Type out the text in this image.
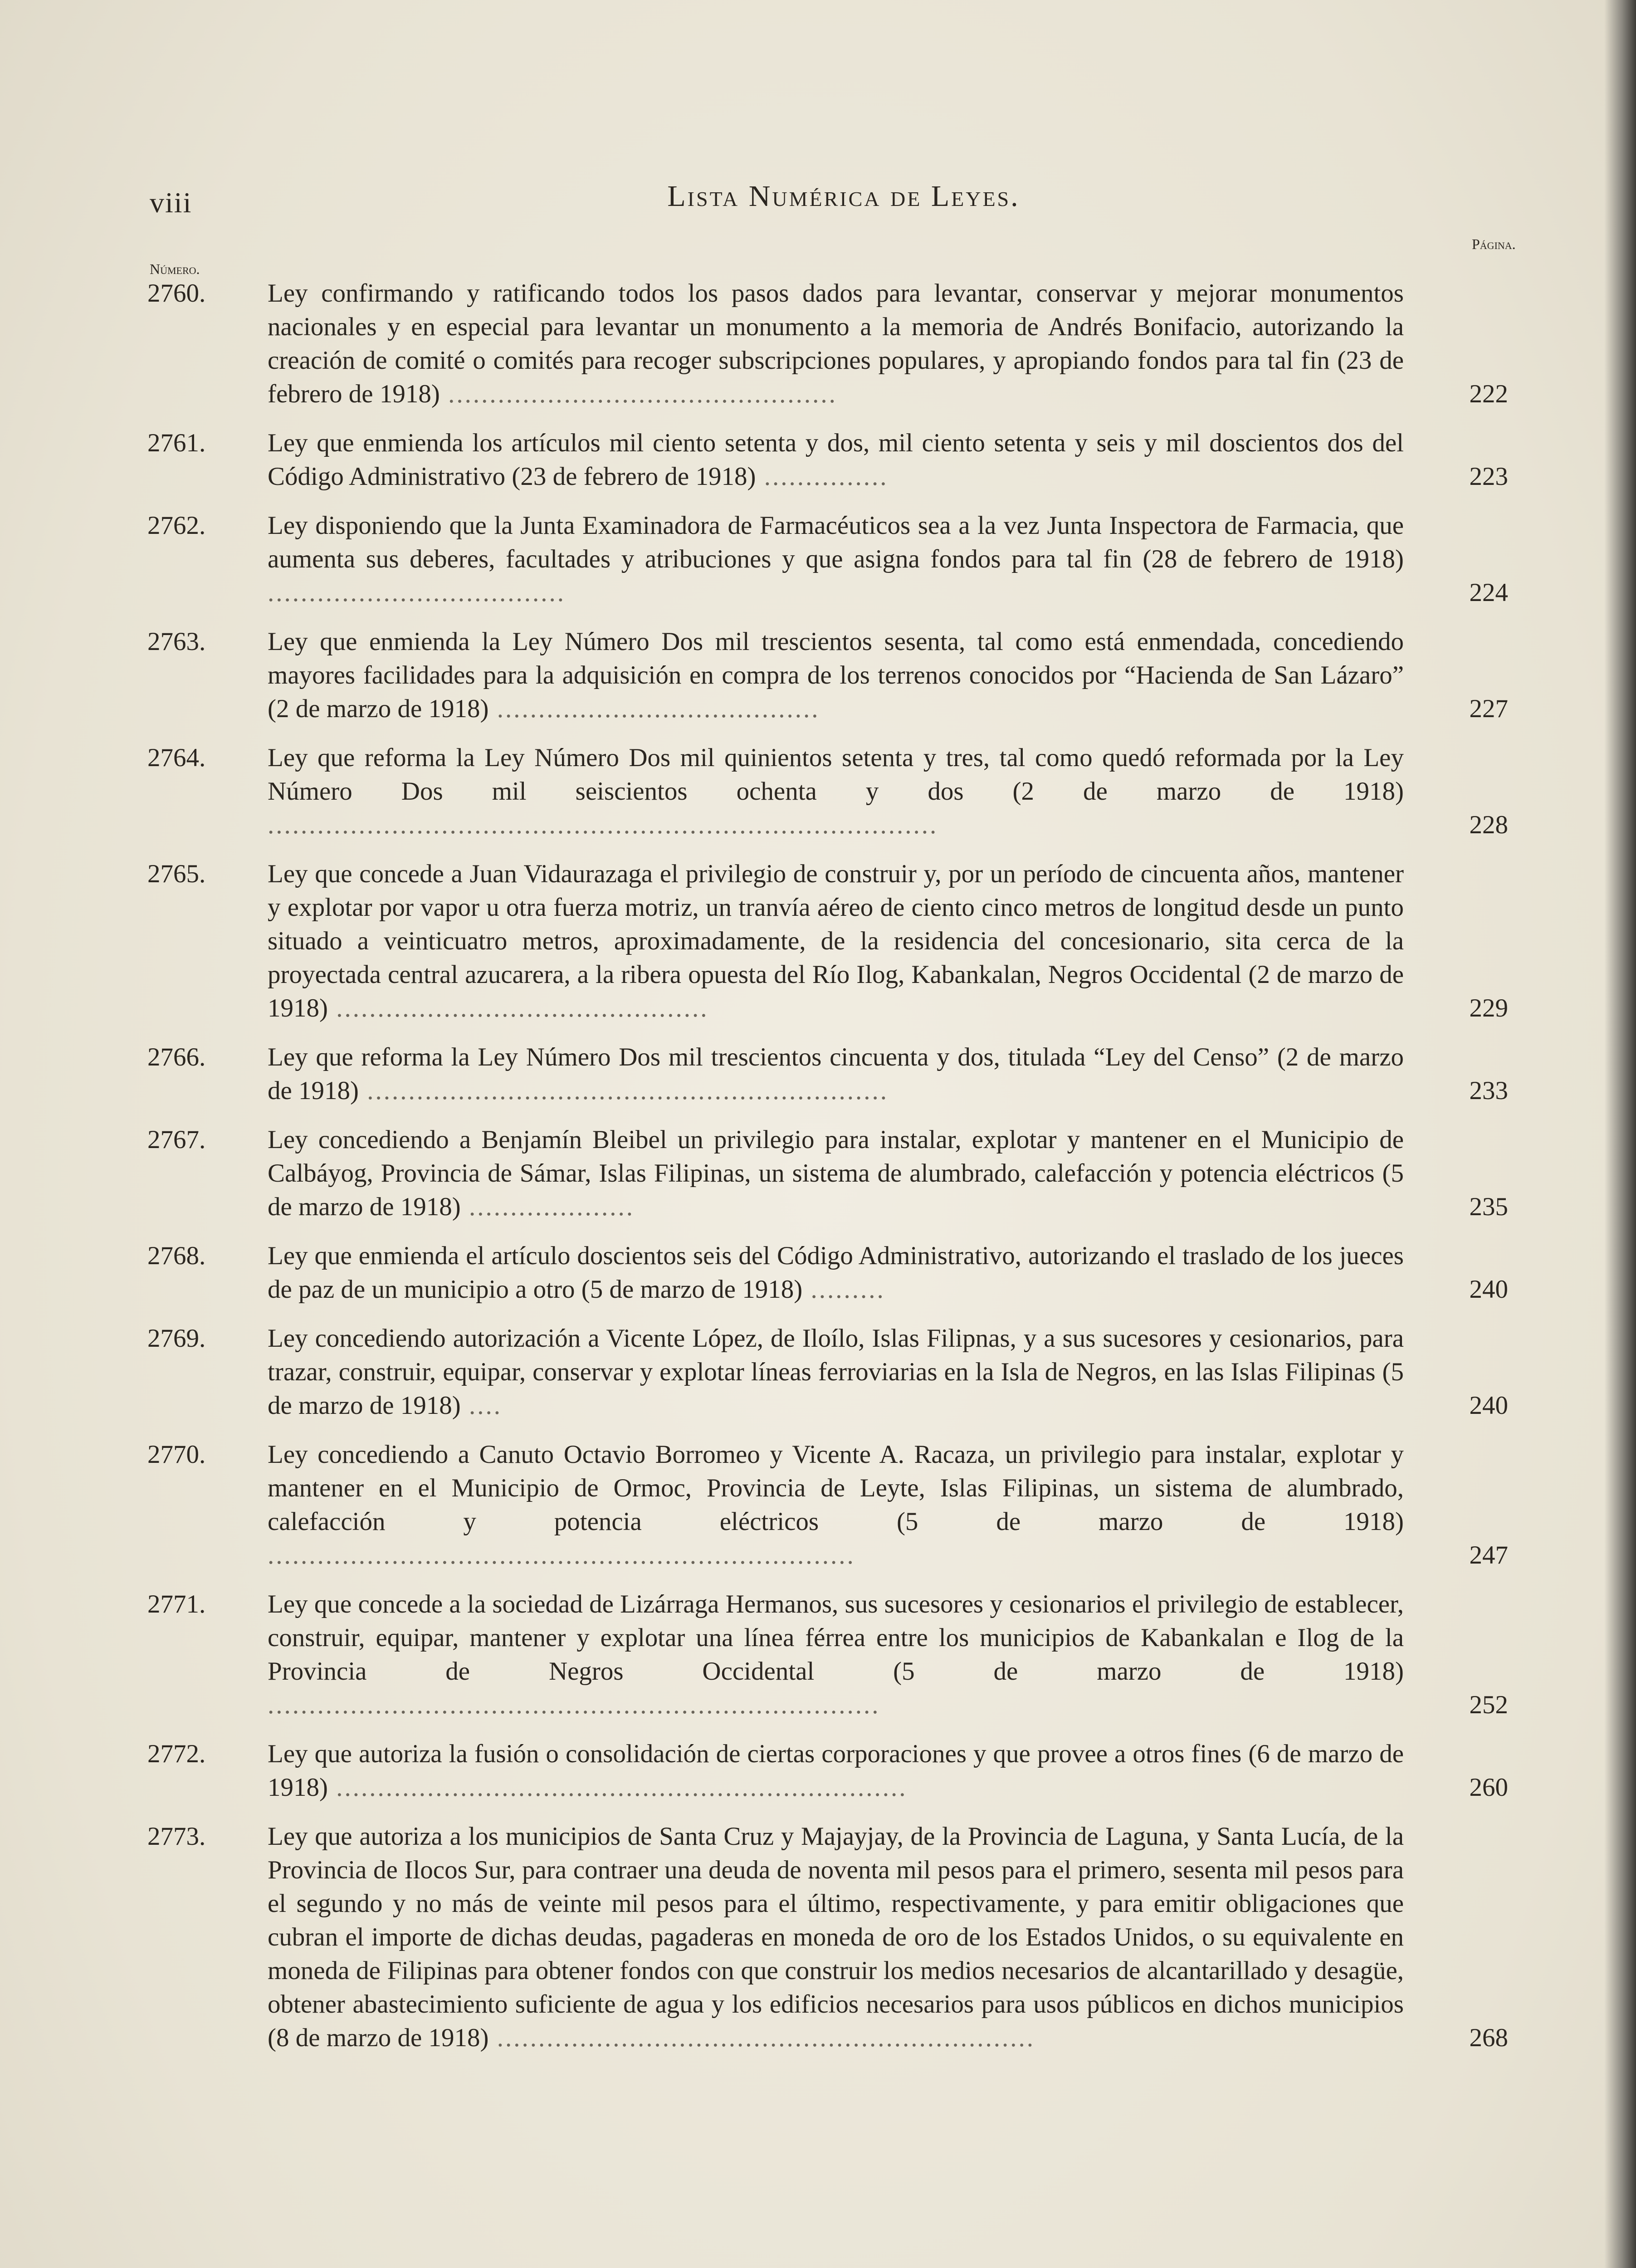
viii	Lista Numérica de Leyes.
Número.
Página.
2760.	Ley confirmando y ratificando todos los pasos dados para levantar, conservar y mejorar monumentos nacionales y en especial para levantar un monumento a la memoria de Andrés Bonifacio, autorizando la creación de comité o comités para recoger subscripciones populares, y apropiando fondos para tal fin (23 de febrero de 1918) ...............................................	222
2761.	Ley que enmienda los artículos mil ciento setenta y dos, mil ciento setenta y seis y mil doscientos dos del Código Administrativo (23 de febrero de 1918) ...............	223
2762.	Ley disponiendo que la Junta Examinadora de Farmacéuticos sea a la vez Junta Inspectora de Farmacia, que aumenta sus deberes, facultades y atribuciones y que asigna fondos para tal fin (28 de febrero de 1918) ....................................	224
2763.	Ley que enmienda la Ley Número Dos mil trescientos sesenta, tal como está enmendada, concediendo mayores facilidades para la adquisición en compra de los terrenos conocidos por “Hacienda de San Lázaro” (2 de marzo de 1918) .......................................	227
2764.	Ley que reforma la Ley Número Dos mil quinientos setenta y tres, tal como quedó reformada por la Ley Número Dos mil seiscientos ochenta y dos (2 de marzo de 1918) .................................................................................	228
2765.	Ley que concede a Juan Vidaurazaga el privilegio de construir y, por un período de cincuenta años, mantener y explotar por vapor u otra fuerza motriz, un tranvía aéreo de ciento cinco metros de longitud desde un punto situado a veinticuatro metros, aproximadamente, de la residencia del concesionario, sita cerca de la proyectada central azucarera, a la ribera opuesta del Río Ilog, Kabankalan, Negros Occidental (2 de marzo de 1918) .............................................	229
2766.	Ley que reforma la Ley Número Dos mil trescientos cincuenta y dos, titulada “Ley del Censo” (2 de marzo de 1918) ...............................................................	233
2767.	Ley concediendo a Benjamín Bleibel un privilegio para instalar, explotar y mantener en el Municipio de Calbáyog, Provincia de Sámar, Islas Filipinas, un sistema de alumbrado, calefacción y potencia eléctricos (5 de marzo de 1918) ....................	235
2768.	Ley que enmienda el artículo doscientos seis del Código Administrativo, autorizando el traslado de los jueces de paz de un municipio a otro (5 de marzo de 1918) .........	240
2769.	Ley concediendo autorización a Vicente López, de Iloílo, Islas Filipnas, y a sus sucesores y cesionarios, para trazar, construir, equipar, conservar y explotar líneas ferroviarias en la Isla de Negros, en las Islas Filipinas (5 de marzo de 1918) ....	240
2770.	Ley concediendo a Canuto Octavio Borromeo y Vicente A. Racaza, un privilegio para instalar, explotar y mantener en el Municipio de Ormoc, Provincia de Leyte, Islas Filipinas, un sistema de alumbrado, calefacción y potencia eléctricos (5 de marzo de 1918) .......................................................................	247
2771.	Ley que concede a la sociedad de Lizárraga Hermanos, sus sucesores y cesionarios el privilegio de establecer, construir, equipar, mantener y explotar una línea férrea entre los municipios de Kabankalan e Ilog de la Provincia de Negros Occidental (5 de marzo de 1918) ..........................................................................	252
2772.	Ley que autoriza la fusión o consolidación de ciertas corporaciones y que provee a otros fines (6 de marzo de 1918) .....................................................................	260
2773.	Ley que autoriza a los municipios de Santa Cruz y Majayjay, de la Provincia de Laguna, y Santa Lucía, de la Provincia de Ilocos Sur, para contraer una deuda de noventa mil pesos para el primero, sesenta mil pesos para el segundo y no más de veinte mil pesos para el último, respectivamente, y para emitir obligaciones que cubran el importe de dichas deudas, pagaderas en moneda de oro de los Estados Unidos, o su equivalente en moneda de Filipinas para obtener fondos con que construir los medios necesarios de alcantarillado y desagüe, obtener abastecimiento suficiente de agua y los edificios necesarios para usos públicos en dichos municipios (8 de marzo de 1918) .................................................................	268
